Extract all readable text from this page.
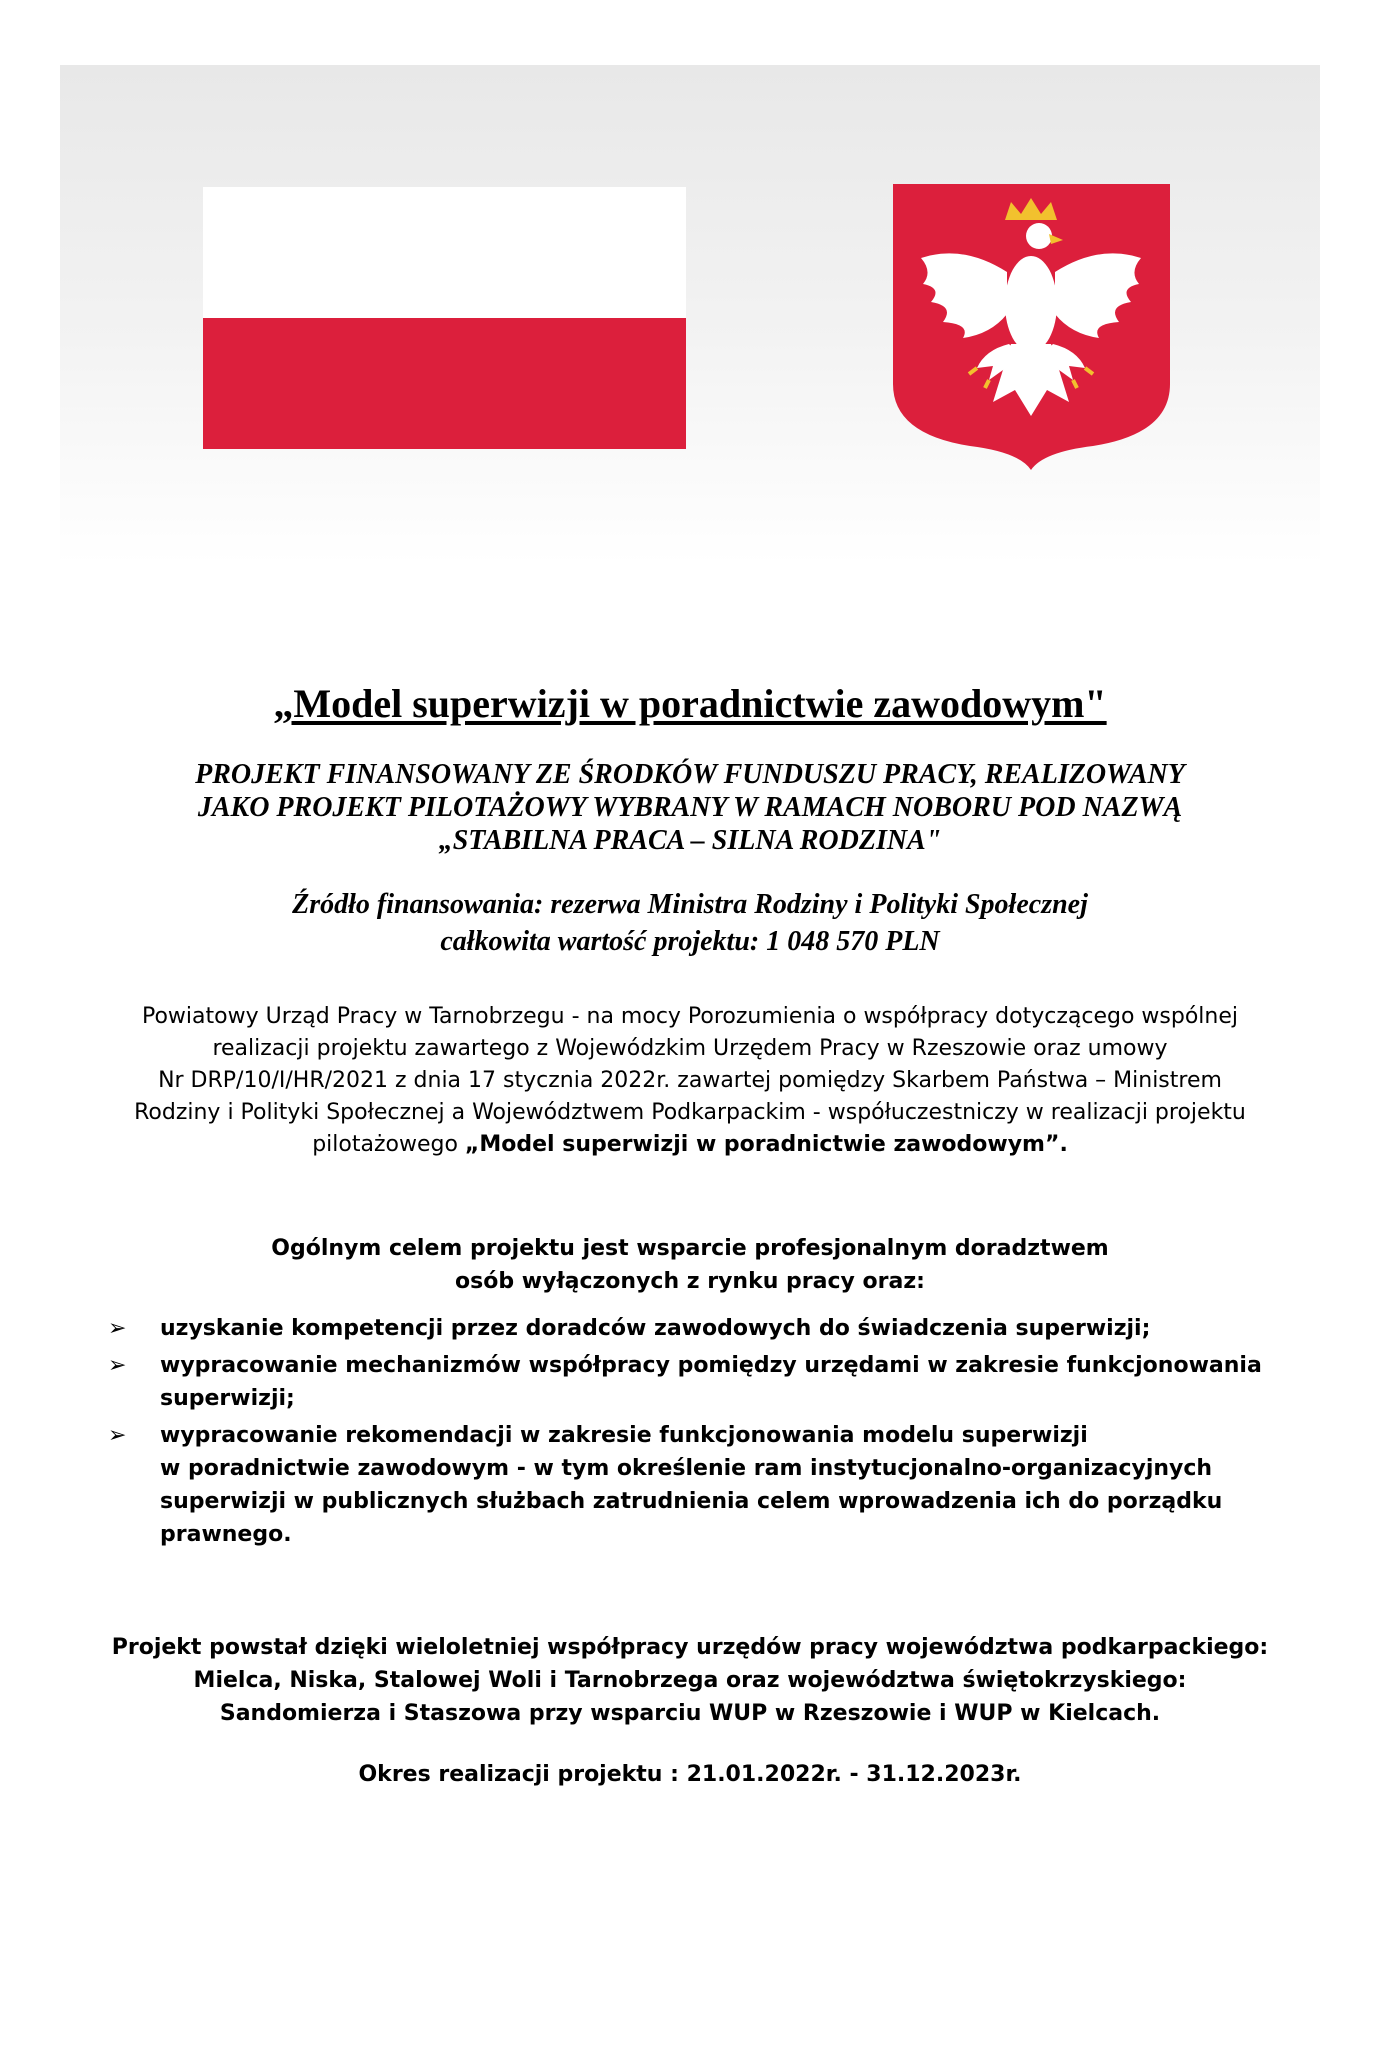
„Model superwizji w poradnictwie zawodowym"
PROJEKT FINANSOWANY ZE ŚRODKÓW FUNDUSZU PRACY, REALIZOWANY
JAKO PROJEKT PILOTAŻOWY WYBRANY W RAMACH NOBORU POD NAZWĄ
„STABILNA PRACA – SILNA RODZINA"
Źródło finansowania: rezerwa Ministra Rodziny i Polityki Społecznej
całkowita wartość projektu: 1 048 570 PLN
Powiatowy Urząd Pracy w Tarnobrzegu - na mocy Porozumienia o współpracy dotyczącego wspólnej
realizacji projektu zawartego z Wojewódzkim Urzędem Pracy w Rzeszowie oraz umowy
Nr DRP/10/I/HR/2021 z dnia 17 stycznia 2022r. zawartej pomiędzy Skarbem Państwa – Ministrem
Rodziny i Polityki Społecznej a Województwem Podkarpackim - współuczestniczy w realizacji projektu
pilotażowego „Model superwizji w poradnictwie zawodowym”.
Ogólnym celem projektu jest wsparcie profesjonalnym doradztwem
osób wyłączonych z rynku pracy oraz:
➢ uzyskanie kompetencji przez doradców zawodowych do świadczenia superwizji;
➢ wypracowanie mechanizmów współpracy pomiędzy urzędami w zakresie funkcjonowania
superwizji;
➢ wypracowanie rekomendacji w zakresie funkcjonowania modelu superwizji
w poradnictwie zawodowym - w tym określenie ram instytucjonalno-organizacyjnych
superwizji w publicznych służbach zatrudnienia celem wprowadzenia ich do porządku
prawnego.
Projekt powstał dzięki wieloletniej współpracy urzędów pracy województwa podkarpackiego:
Mielca, Niska, Stalowej Woli i Tarnobrzega oraz województwa świętokrzyskiego:
Sandomierza i Staszowa przy wsparciu WUP w Rzeszowie i WUP w Kielcach.

Okres realizacji projektu : 21.01.2022r. - 31.12.2023r.
